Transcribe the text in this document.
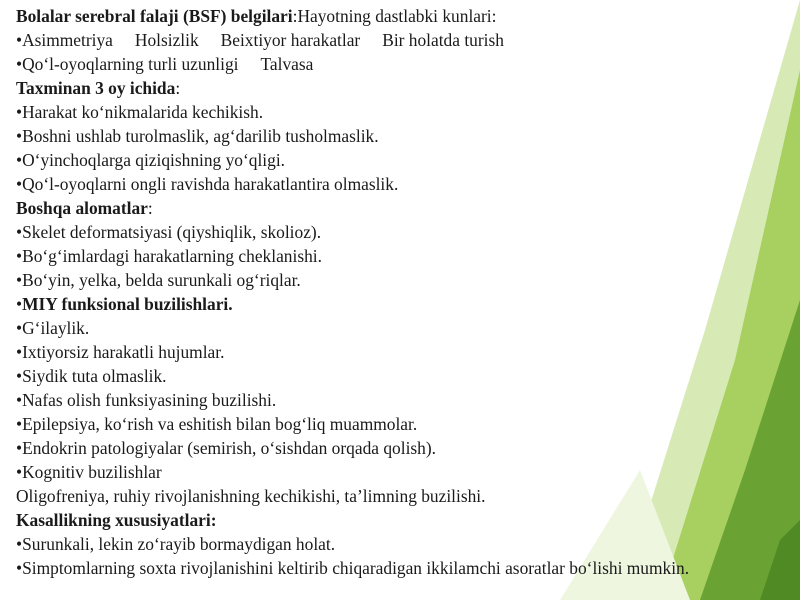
Bolalar serebral falaji (BSF) belgilari:Hayotning dastlabki kunlari:
•Asimmetriya Holsizlik Beixtiyor harakatlar Bir holatda turish
•Qo‘l-oyoqlarning turli uzunligi Talvasa
Taxminan 3 oy ichida:
•Harakat ko‘nikmalarida kechikish.
•Boshni ushlab turolmaslik, ag‘darilib tusholmaslik.
•O‘yinchoqlarga qiziqishning yo‘qligi.
•Qo‘l-oyoqlarni ongli ravishda harakatlantira olmaslik.
Boshqa alomatlar:
•Skelet deformatsiyasi (qiyshiqlik, skolioz).
•Bo‘g‘imlardagi harakatlarning cheklanishi.
•Bo‘yin, yelka, belda surunkali og‘riqlar.
•MIY funksional buzilishlari.
•G‘ilaylik.
•Ixtiyorsiz harakatli hujumlar.
•Siydik tuta olmaslik.
•Nafas olish funksiyasining buzilishi.
•Epilepsiya, ko‘rish va eshitish bilan bog‘liq muammolar.
•Endokrin patologiyalar (semirish, o‘sishdan orqada qolish).
•Kognitiv buzilishlar
Oligofreniya, ruhiy rivojlanishning kechikishi, ta’limning buzilishi.
Kasallikning xususiyatlari:
•Surunkali, lekin zo‘rayib bormaydigan holat.
•Simptomlarning soxta rivojlanishini keltirib chiqaradigan ikkilamchi asoratlar bo‘lishi mumkin.
